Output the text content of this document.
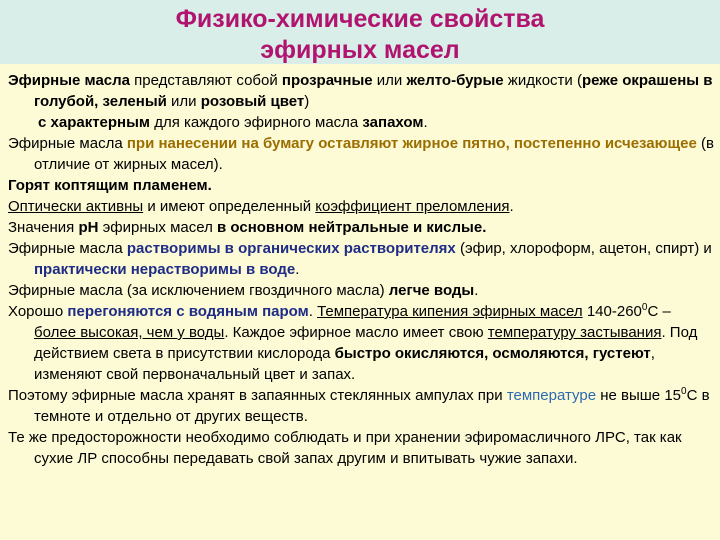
Физико-химические свойства
эфирных масел

Эфирные масла представляют собой прозрачные или желто-бурые жидкости (реже окрашены в голубой, зеленый или розовый цвет)

с характерным для каждого эфирного масла запахом.

Эфирные масла при нанесении на бумагу оставляют жирное пятно, постепенно исчезающее (в отличие от жирных масел).

Горят коптящим пламенем.

Оптически активны и имеют определенный коэффициент преломления.

Значения рН эфирных масел в основном нейтральные и кислые.

Эфирные масла растворимы в органических растворителях (эфир, хлороформ, ацетон, спирт) и практически нерастворимы в воде.

Эфирные масла (за исключением гвоздичного масла) легче воды.

Хорошо перегоняются с водяным паром. Температура кипения эфирных масел $140-260^0С$ – более высокая, чем у воды. Каждое эфирное масло имеет свою температуру застывания. Под действием света в присутствии кислорода быстро окисляются, осмоляются, густеют, изменяют свой первоначальный цвет и запах.

Поэтому эфирные масла хранят в запаянных стеклянных ампулах при температуре не выше $15^0С$ в темноте и отдельно от других веществ.

Те же предосторожности необходимо соблюдать и при хранении эфиромасличного ЛРС, так как сухие ЛР способны передавать свой запах другим и впитывать чужие запахи.
